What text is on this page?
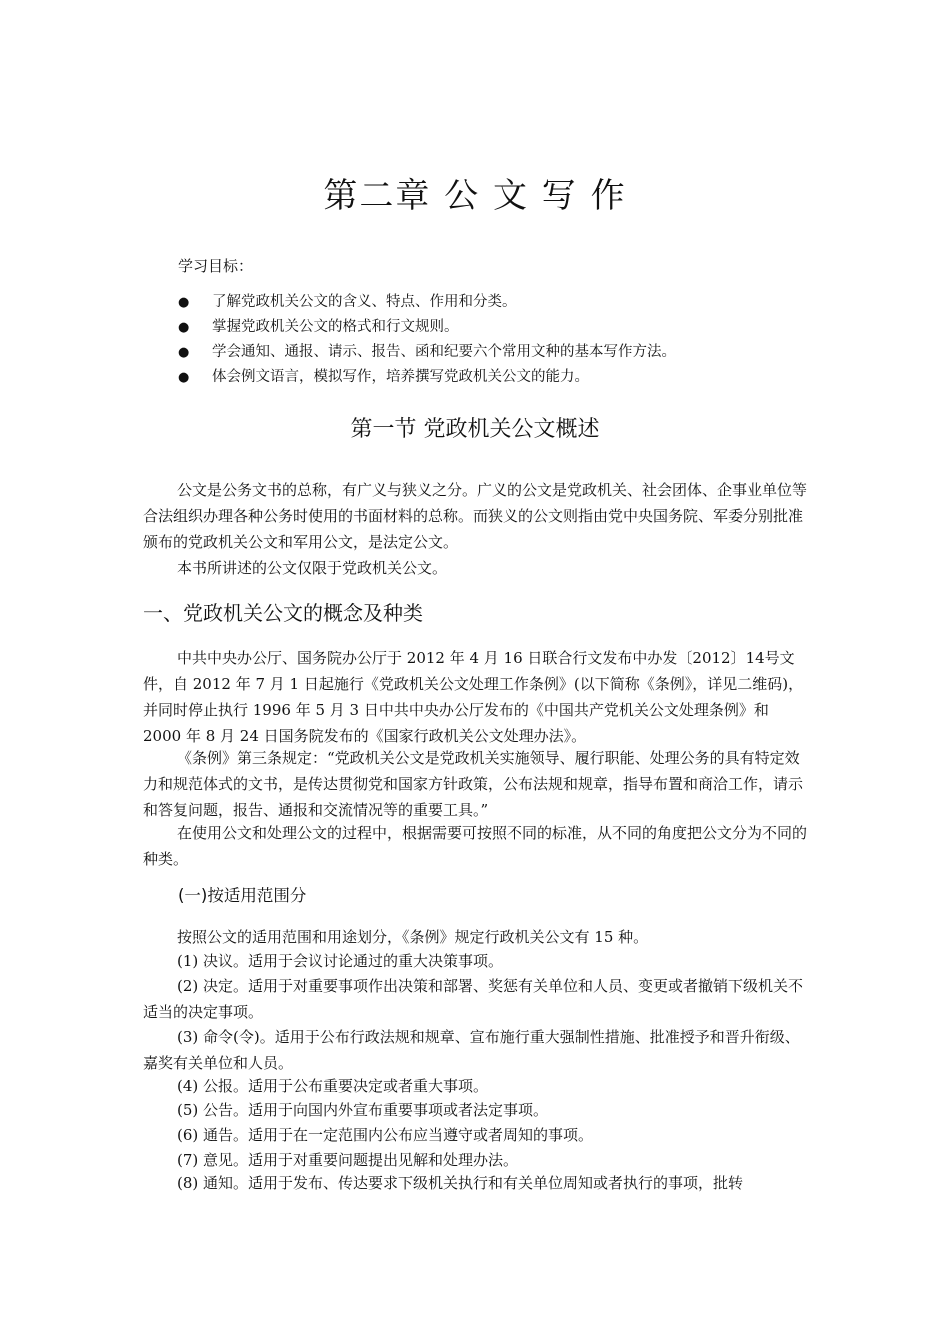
第二章 公 文 写 作
学习目标：
● 了解党政机关公文的含义、特点、作用和分类。
● 掌握党政机关公文的格式和行文规则。
● 学会通知、通报、请示、报告、函和纪要六个常用文种的基本写作方法。
● 体会例文语言，模拟写作，培养撰写党政机关公文的能力。
第一节 党政机关公文概述

公文是公务文书的总称，有广义与狭义之分。广义的公文是党政机关、社会团体、企事业单位等合法组织办理各种公务时使用的书面材料的总称。而狭义的公文则指由党中央国务院、军委分别批准颁布的党政机关公文和军用公文，是法定公文。

本书所讲述的公文仅限于党政机关公文。

一、党政机关公文的概念及种类

中共中央办公厅、国务院办公厅于 2012 年 4 月 16 日联合行文发布中办发〔2012〕14号文件，自 2012 年 7 月 1 日起施行《党政机关公文处理工作条例》(以下简称《条例》，详见二维码)，并同时停止执行 1996 年 5 月 3 日中共中央办公厅发布的《中国共产党机关公文处理条例》和 2000 年 8 月 24 日国务院发布的《国家行政机关公文处理办法》。

《条例》第三条规定：“党政机关公文是党政机关实施领导、履行职能、处理公务的具有特定效力和规范体式的文书，是传达贯彻党和国家方针政策，公布法规和规章，指导布置和商洽工作，请示和答复问题，报告、通报和交流情况等的重要工具。”

在使用公文和处理公文的过程中，根据需要可按照不同的标准，从不同的角度把公文分为不同的种类。

(一)按适用范围分

按照公文的适用范围和用途划分，《条例》规定行政机关公文有 15 种。

(1) 决议。适用于会议讨论通过的重大决策事项。

(2) 决定。适用于对重要事项作出决策和部署、奖惩有关单位和人员、变更或者撤销下级机关不适当的决定事项。

(3) 命令(令)。适用于公布行政法规和规章、宣布施行重大强制性措施、批准授予和晋升衔级、嘉奖有关单位和人员。

(4) 公报。适用于公布重要决定或者重大事项。

(5) 公告。适用于向国内外宣布重要事项或者法定事项。

(6) 通告。适用于在一定范围内公布应当遵守或者周知的事项。

(7) 意见。适用于对重要问题提出见解和处理办法。

(8) 通知。适用于发布、传达要求下级机关执行和有关单位周知或者执行的事项，批转
